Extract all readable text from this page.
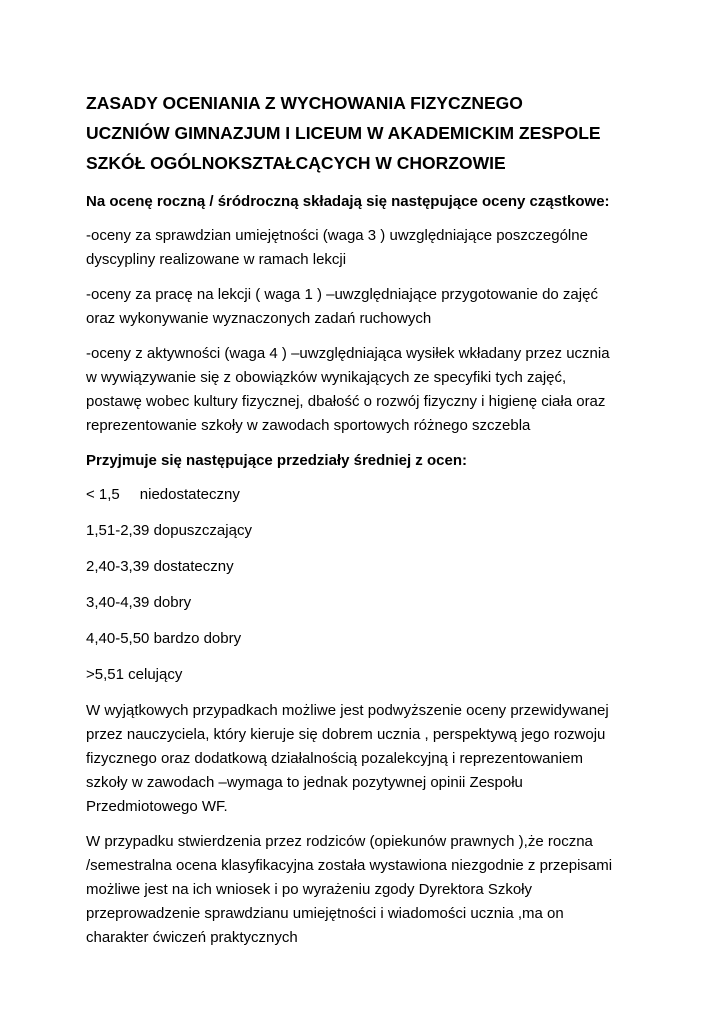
ZASADY OCENIANIA Z WYCHOWANIA FIZYCZNEGO
UCZNIÓW GIMNAZJUM I LICEUM W AKADEMICKIM ZESPOLE
SZKÓŁ OGÓLNOKSZTAŁCĄCYCH W CHORZOWIE
Na ocenę roczną / śródroczną składają się następujące oceny cząstkowe:
-oceny za sprawdzian umiejętności (waga 3 ) uwzględniające poszczególne
dyscypliny realizowane w ramach lekcji
-oceny za pracę na lekcji ( waga 1 ) –uwzględniające przygotowanie do zajęć
oraz wykonywanie wyznaczonych zadań ruchowych
-oceny z aktywności (waga 4 ) –uwzględniająca wysiłek wkładany przez ucznia
w wywiązywanie się z obowiązków wynikających ze specyfiki tych zajęć,
postawę wobec kultury fizycznej, dbałość o rozwój fizyczny i higienę ciała oraz
reprezentowanie szkoły w zawodach sportowych różnego szczebla
Przyjmuje się następujące przedziały średniej z ocen:
< 1,5 niedostateczny
1,51-2,39 dopuszczający
2,40-3,39 dostateczny
3,40-4,39 dobry
4,40-5,50 bardzo dobry
>5,51 celujący
W wyjątkowych przypadkach możliwe jest podwyższenie oceny przewidywanej
przez nauczyciela, który kieruje się dobrem ucznia , perspektywą jego rozwoju
fizycznego oraz dodatkową działalnością pozalekcyjną i reprezentowaniem
szkoły w zawodach –wymaga to jednak pozytywnej opinii Zespołu
Przedmiotowego WF.
W przypadku stwierdzenia przez rodziców (opiekunów prawnych ),że roczna
/semestralna ocena klasyfikacyjna została wystawiona niezgodnie z przepisami
możliwe jest na ich wniosek i po wyrażeniu zgody Dyrektora Szkoły
przeprowadzenie sprawdzianu umiejętności i wiadomości ucznia ,ma on
charakter ćwiczeń praktycznych
